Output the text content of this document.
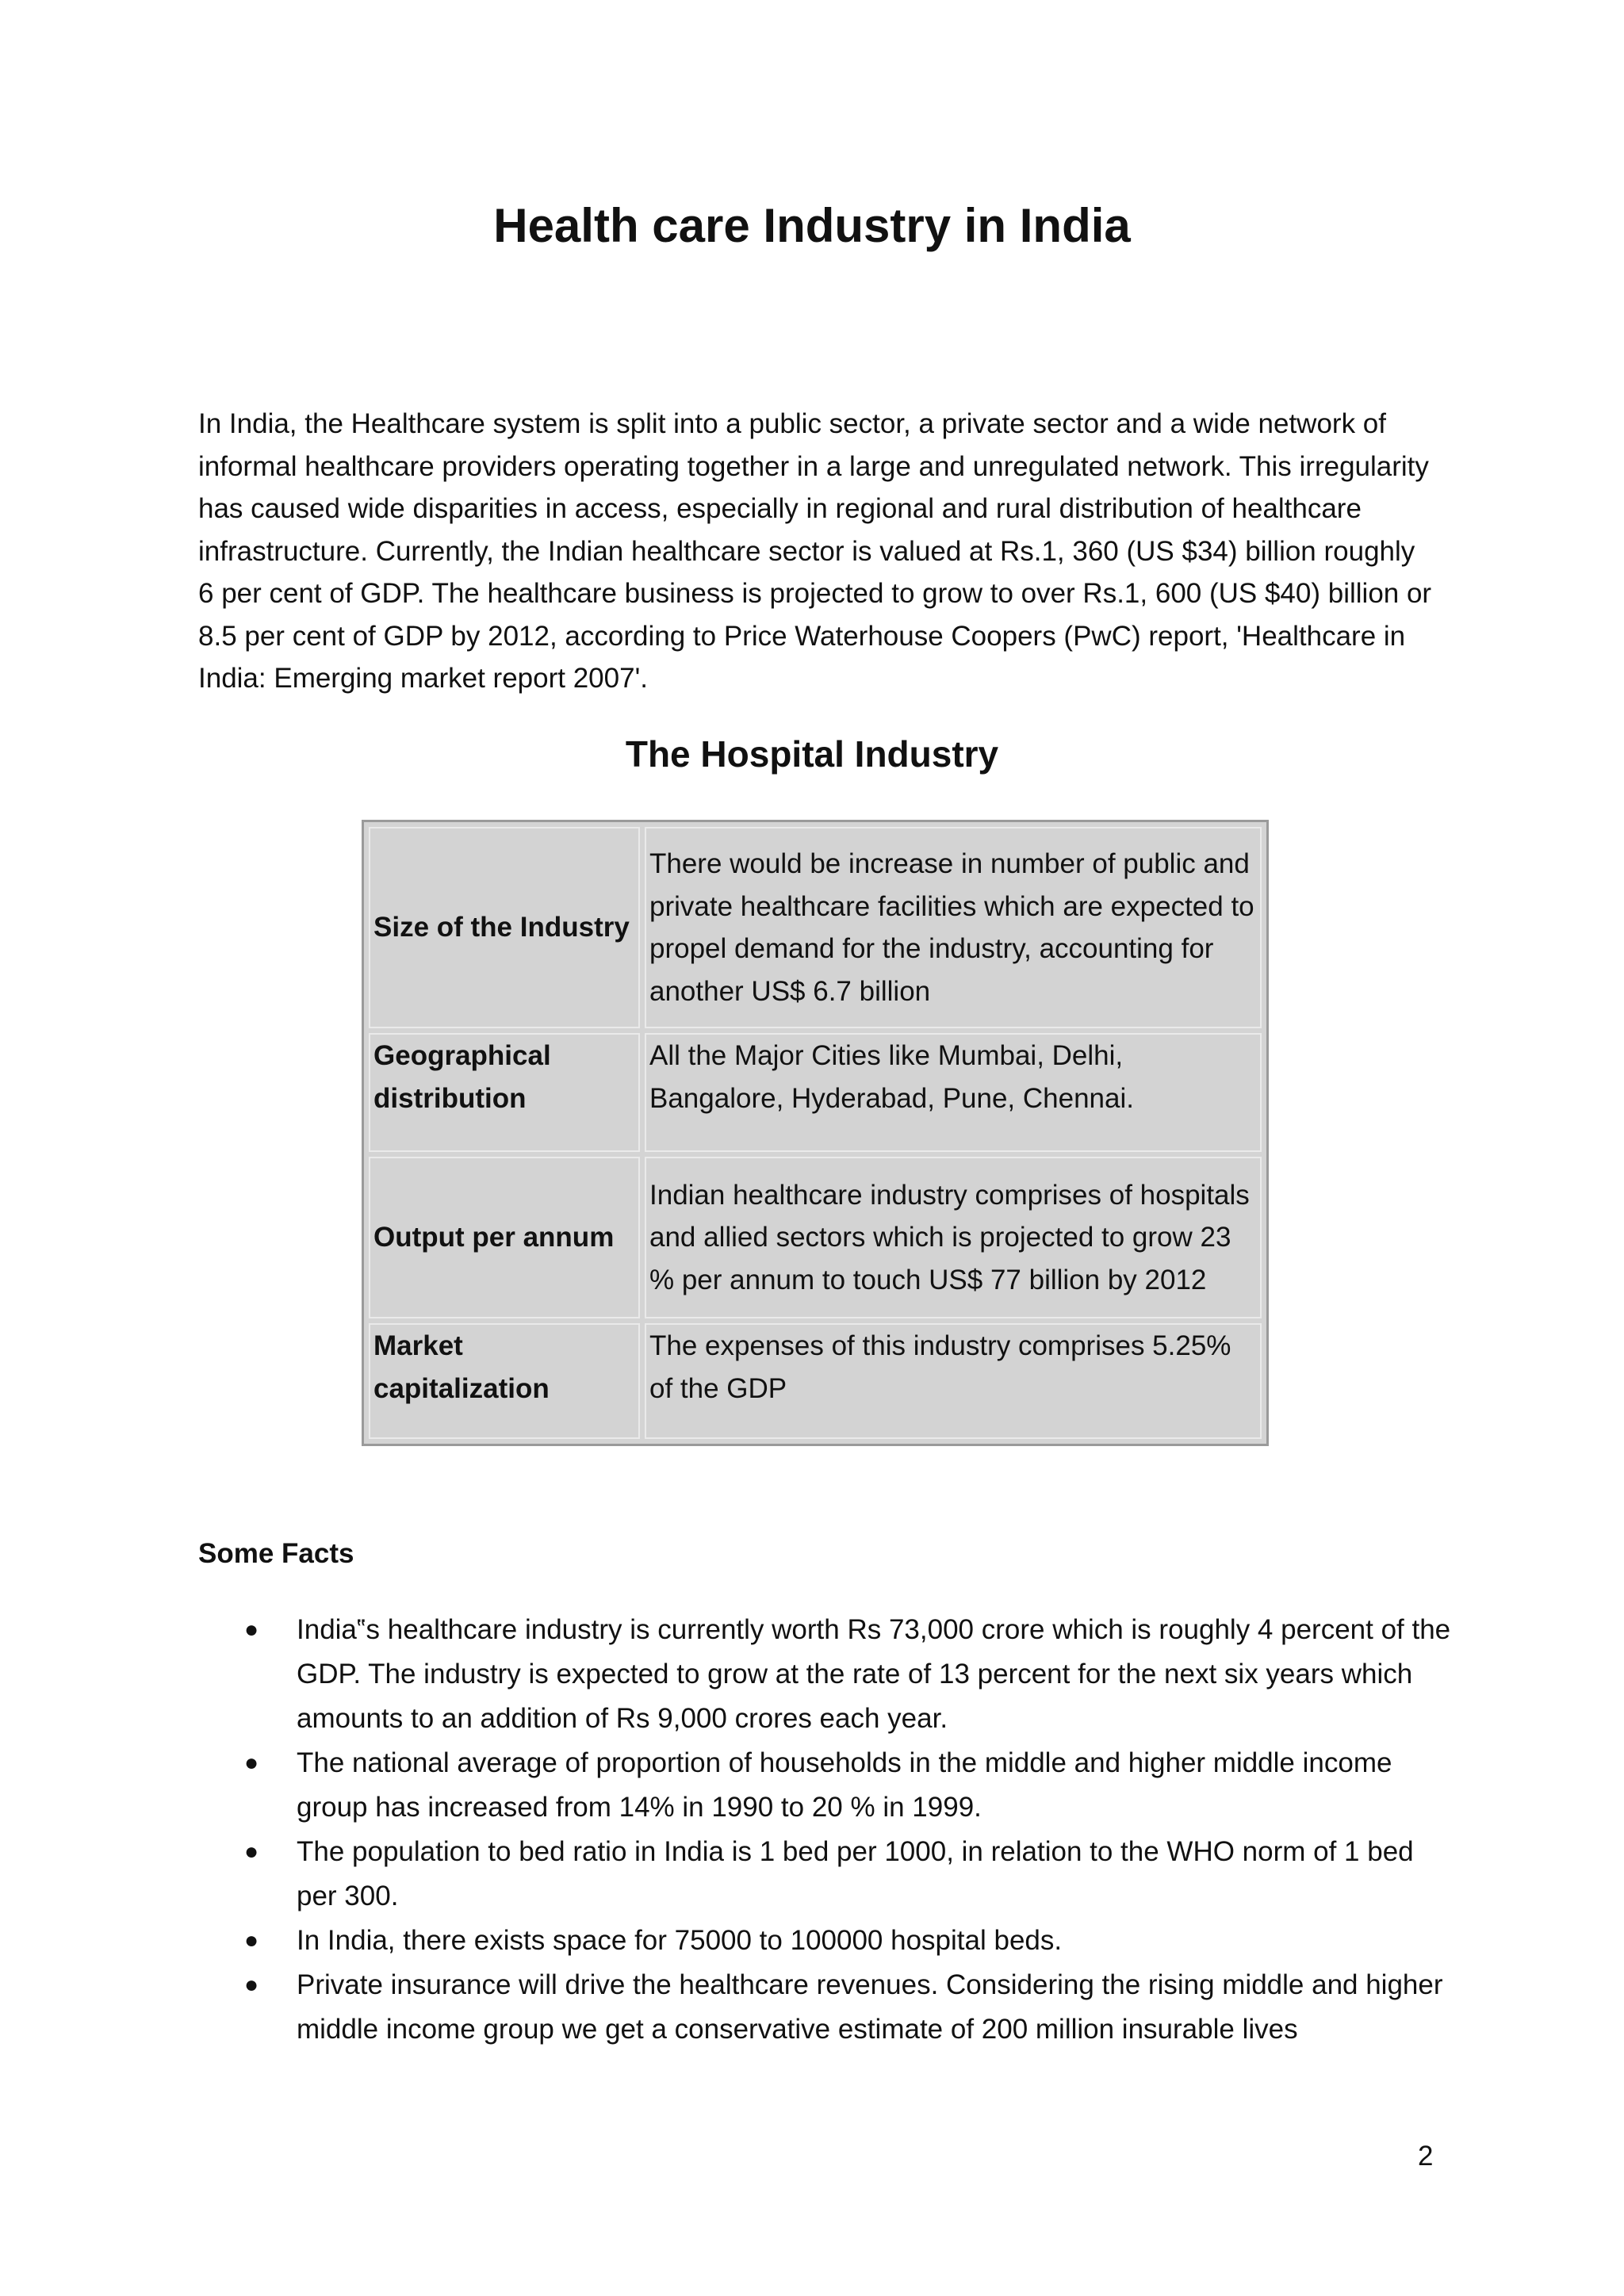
Health care Industry in India

In India, the Healthcare system is split into a public sector, a private sector and a wide network of informal healthcare providers operating together in a large and unregulated network. This irregularity has caused wide disparities in access, especially in regional and rural distribution of healthcare infrastructure. Currently, the Indian healthcare sector is valued at Rs.1, 360 (US $34) billion roughly 6 per cent of GDP. The healthcare business is projected to grow to over Rs.1, 600 (US $40) billion or 8.5 per cent of GDP by 2012, according to Price Waterhouse Coopers (PwC) report, 'Healthcare in India: Emerging market report 2007'.

The Hospital Industry
Size of the Industry	There would be increase in number of public and private healthcare facilities which are expected to propel demand for the industry, accounting for another US$ 6.7 billion
Geographical distribution	All the Major Cities like Mumbai, Delhi, Bangalore, Hyderabad, Pune, Chennai.
Output per annum	Indian healthcare industry comprises of hospitals and allied sectors which is projected to grow 23 % per annum to touch US$ 77 billion by 2012
Market capitalization	The expenses of this industry comprises 5.25% of the GDP
Some Facts
● India‟s healthcare industry is currently worth Rs 73,000 crore which is roughly 4 percent of the GDP. The industry is expected to grow at the rate of 13 percent for the next six years which amounts to an addition of Rs 9,000 crores each year.
● The national average of proportion of households in the middle and higher middle income group has increased from 14% in 1990 to 20 % in 1999.
● The population to bed ratio in India is 1 bed per 1000, in relation to the WHO norm of 1 bed per 300.
● In India, there exists space for 75000 to 100000 hospital beds.
● Private insurance will drive the healthcare revenues. Considering the rising middle and higher middle income group we get a conservative estimate of 200 million insurable lives
2
